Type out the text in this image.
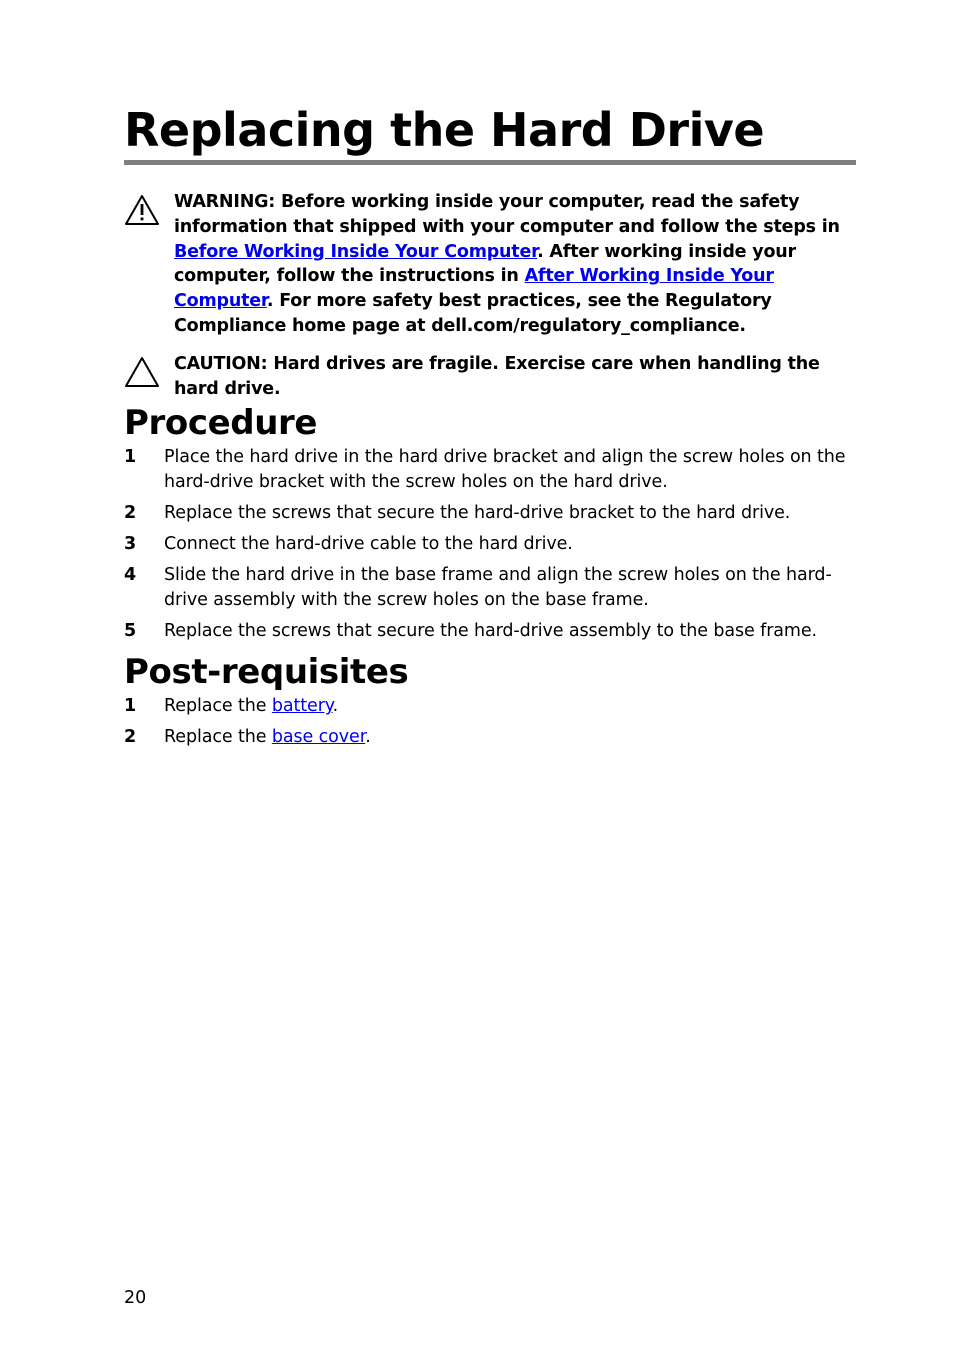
Replacing the Hard Drive
WARNING: Before working inside your computer, read the safety information that shipped with your computer and follow the steps in Before Working Inside Your Computer. After working inside your computer, follow the instructions in After Working Inside Your Computer. For more safety best practices, see the Regulatory Compliance home page at dell.com/regulatory_compliance.
CAUTION: Hard drives are fragile. Exercise care when handling the hard drive.
Procedure
1 Place the hard drive in the hard drive bracket and align the screw holes on the hard-drive bracket with the screw holes on the hard drive.
2 Replace the screws that secure the hard-drive bracket to the hard drive.
3 Connect the hard-drive cable to the hard drive.
4 Slide the hard drive in the base frame and align the screw holes on the hard-drive assembly with the screw holes on the base frame.
5 Replace the screws that secure the hard-drive assembly to the base frame.
Post-requisites
1 Replace the battery.
2 Replace the base cover.
20
